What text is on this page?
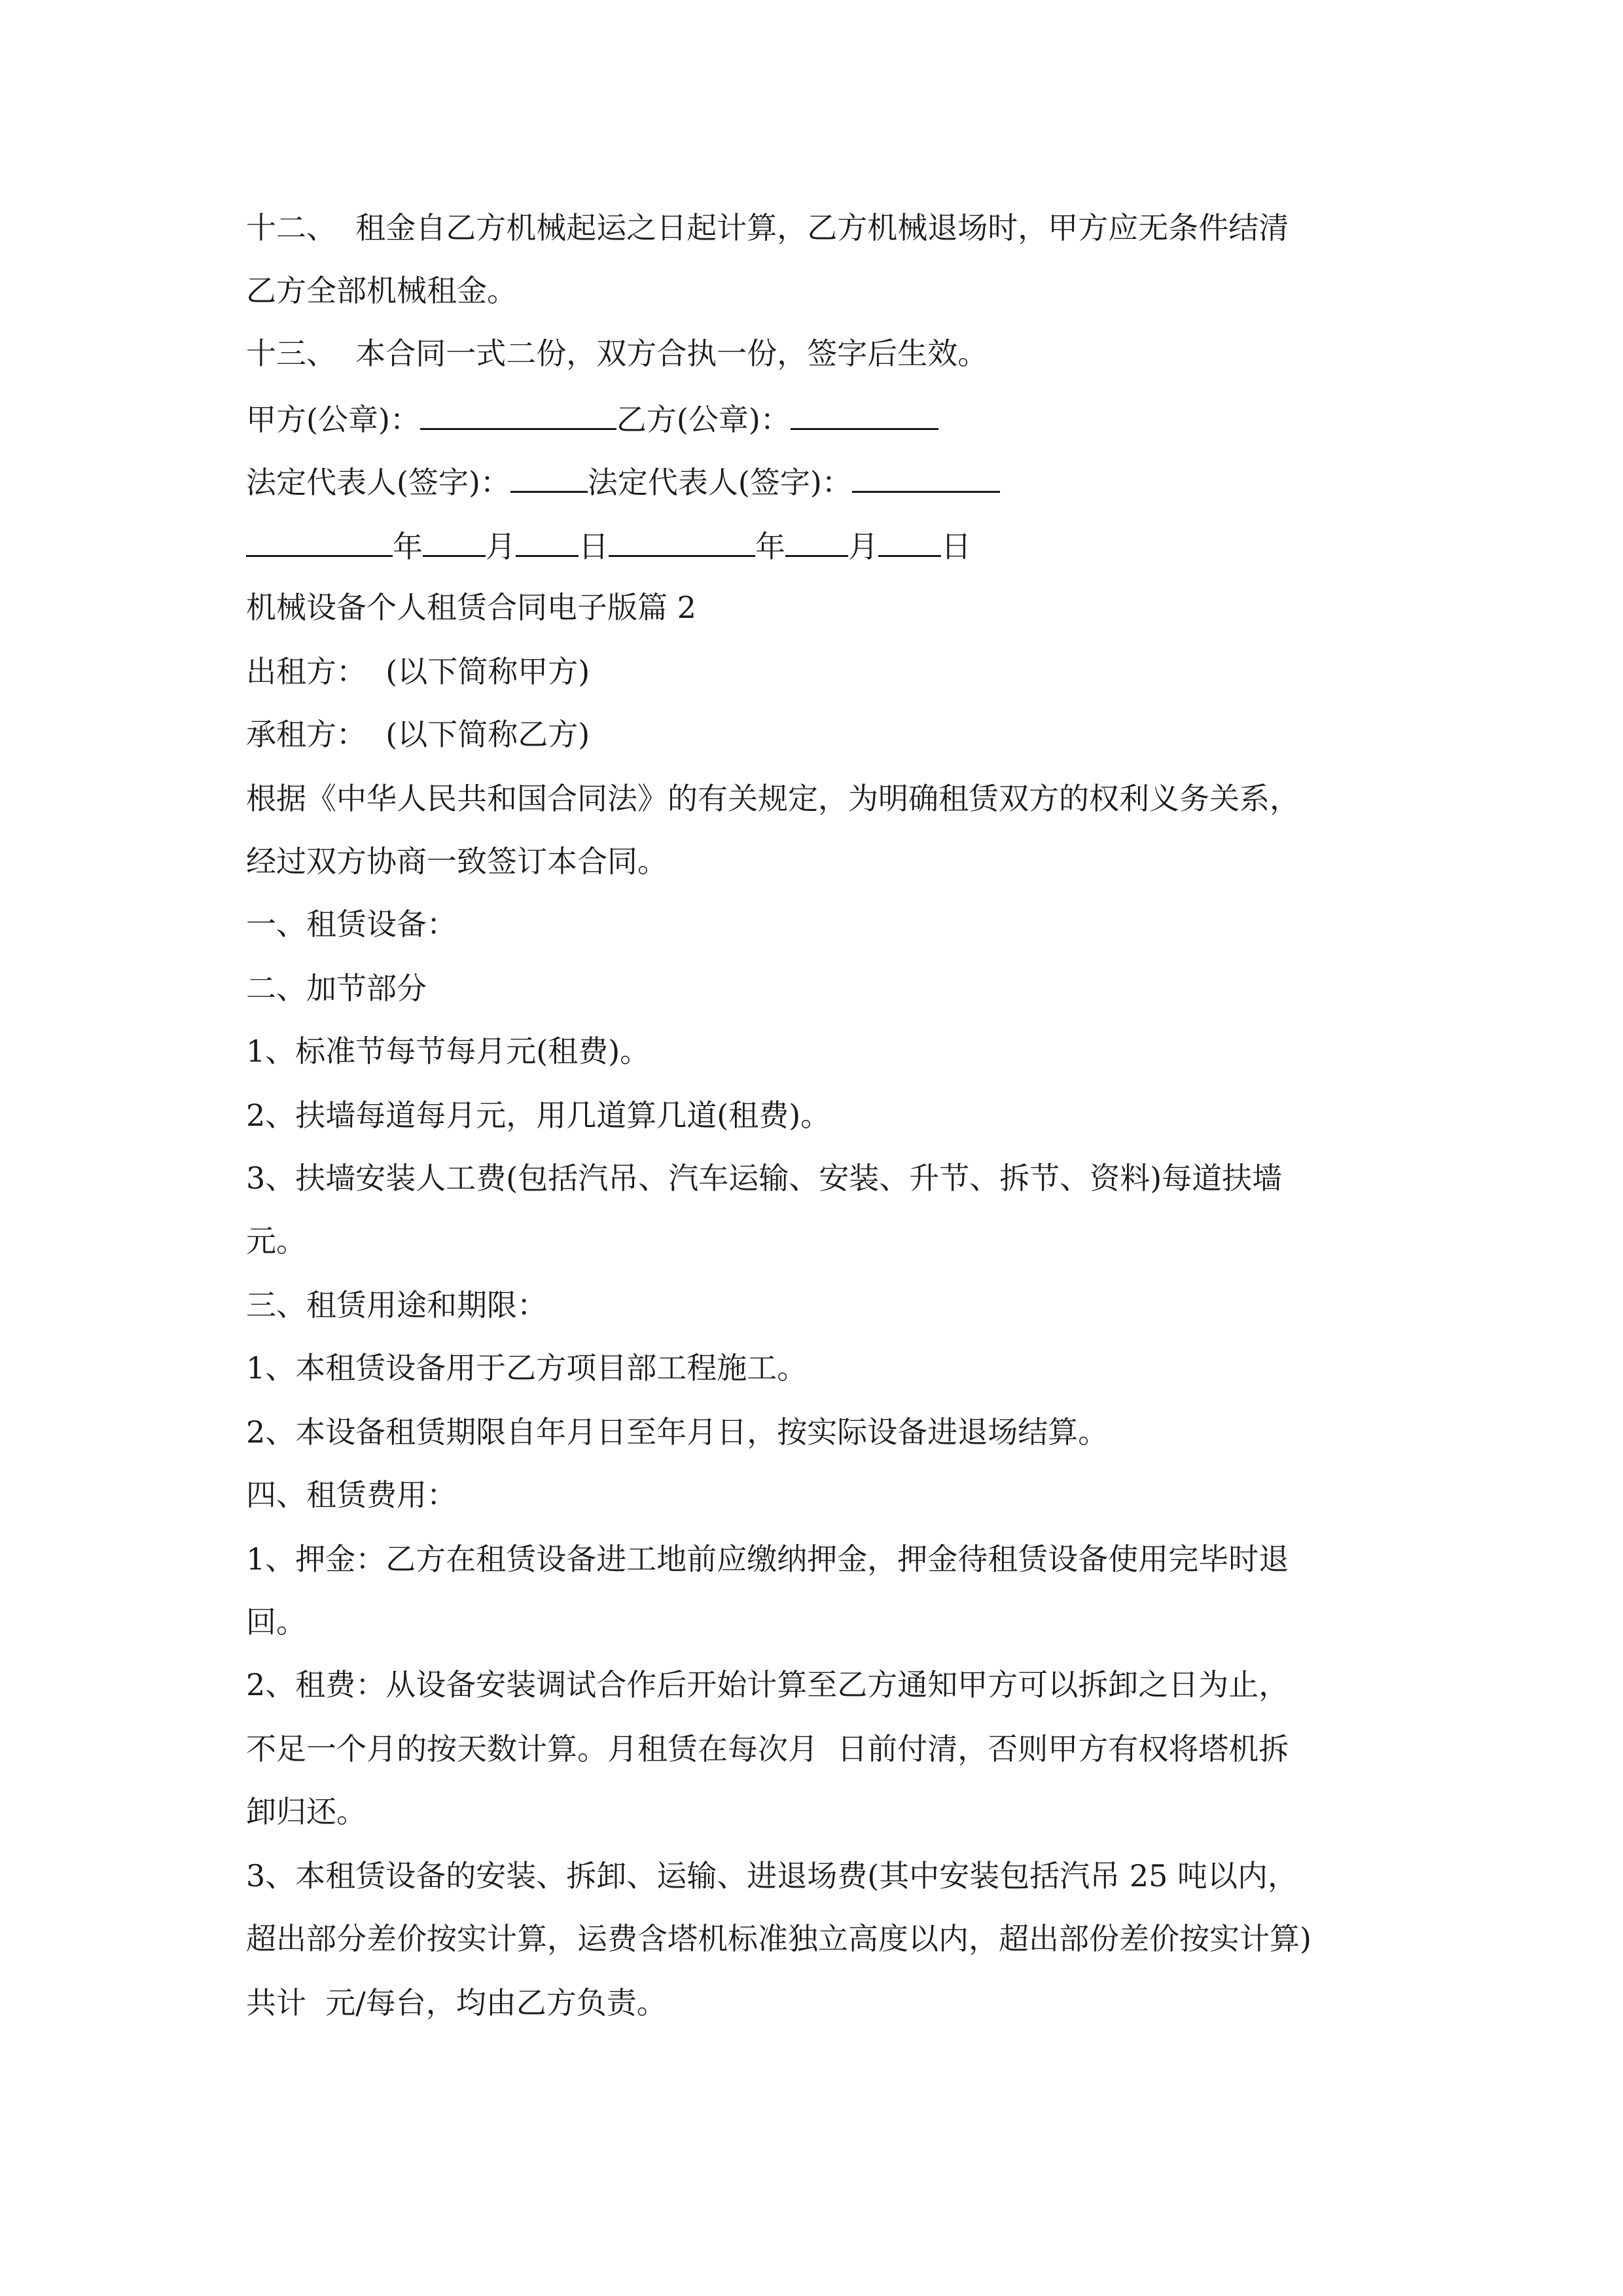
十二、  租金自乙方机械起运之日起计算，乙方机械退场时，甲方应无条件结清
乙方全部机械租金。
十三、  本合同一式二份，双方合执一份，签字后生效。
甲方(公章)：	乙方(公章)：
法定代表人(签字)：	法定代表人(签字)：
年 月 日	年 月 日
机械设备个人租赁合同电子版篇 2
出租方：  (以下简称甲方)
承租方：  (以下简称乙方)
根据《中华人民共和国合同法》的有关规定，为明确租赁双方的权利义务关系，
经过双方协商一致签订本合同。
一、租赁设备：
二、加节部分
1、标准节每节每月元(租费)。
2、扶墙每道每月元，用几道算几道(租费)。
3、扶墙安装人工费(包括汽吊、汽车运输、安装、升节、拆节、资料)每道扶墙
元。
三、租赁用途和期限：
1、本租赁设备用于乙方项目部工程施工。
2、本设备租赁期限自年月日至年月日，按实际设备进退场结算。
四、租赁费用：
1、押金：乙方在租赁设备进工地前应缴纳押金，押金待租赁设备使用完毕时退
回。
2、租费：从设备安装调试合作后开始计算至乙方通知甲方可以拆卸之日为止，
不足一个月的按天数计算。月租赁在每次月  日前付清，否则甲方有权将塔机拆
卸归还。
3、本租赁设备的安装、拆卸、运输、进退场费(其中安装包括汽吊 25 吨以内，
超出部分差价按实计算，运费含塔机标准独立高度以内，超出部份差价按实计算)
共计  元/每台，均由乙方负责。
